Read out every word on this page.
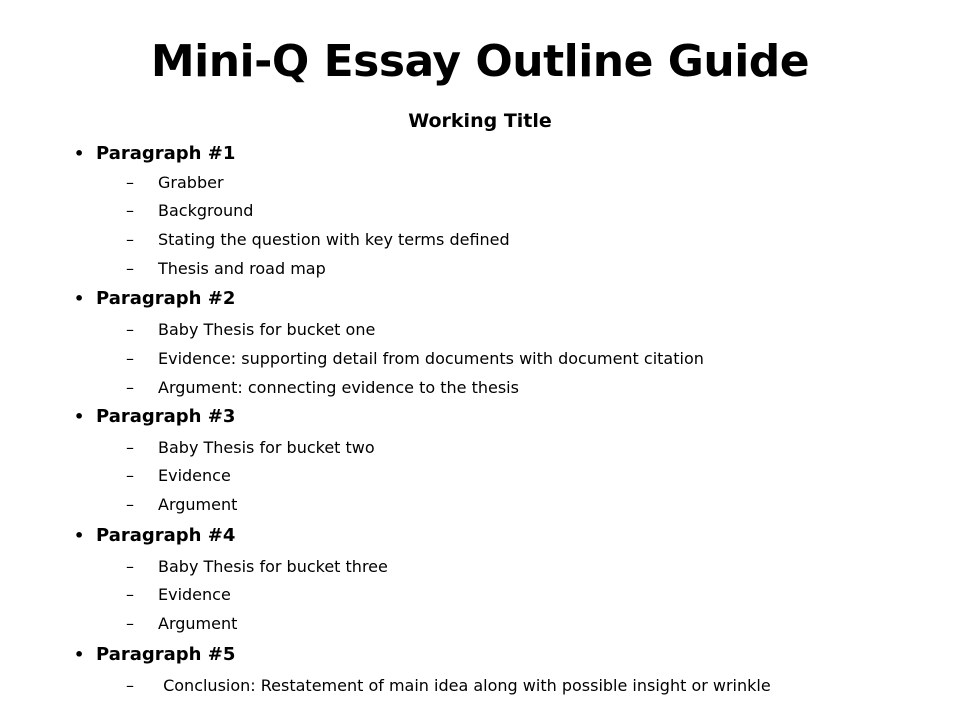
Mini-Q Essay Outline Guide
Working Title
• Paragraph #1
– Grabber
– Background
– Stating the question with key terms defined
– Thesis and road map
• Paragraph #2
– Baby Thesis for bucket one
– Evidence: supporting detail from documents with document citation
– Argument: connecting evidence to the thesis
• Paragraph #3
– Baby Thesis for bucket two
– Evidence
– Argument
• Paragraph #4
– Baby Thesis for bucket three
– Evidence
– Argument
• Paragraph #5
– Conclusion: Restatement of main idea along with possible insight or wrinkle
